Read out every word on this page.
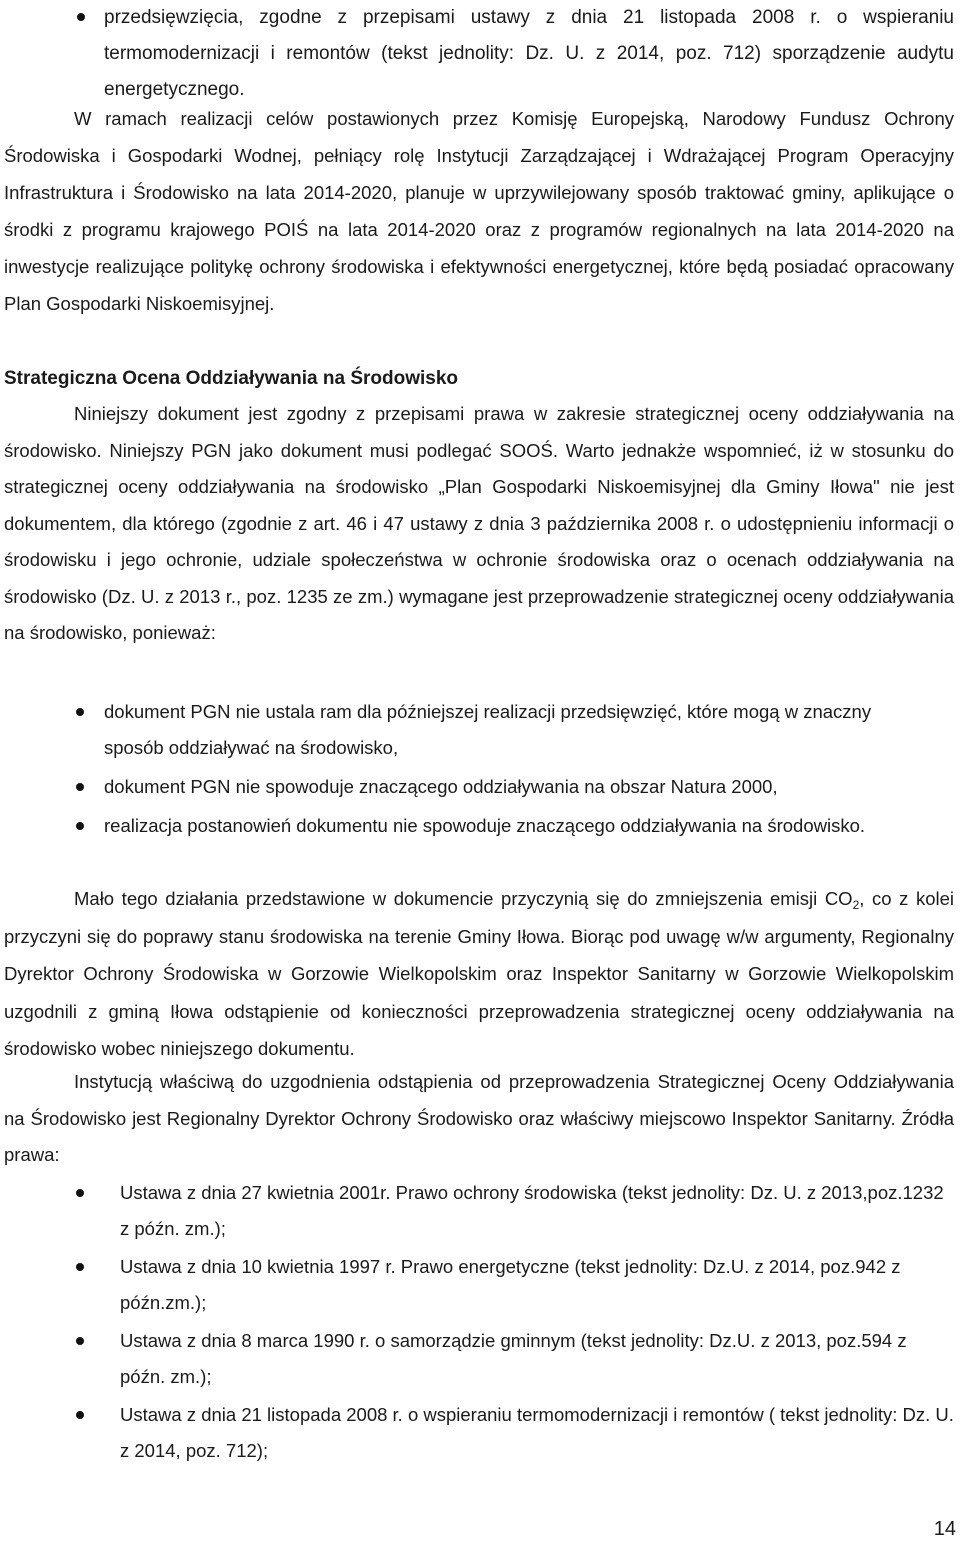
przedsięwzięcia, zgodne z przepisami ustawy z dnia 21 listopada 2008 r. o wspieraniu termomodernizacji i remontów (tekst jednolity: Dz. U. z 2014, poz. 712) sporządzenie audytu energetycznego.
W ramach realizacji celów postawionych przez Komisję Europejską, Narodowy Fundusz Ochrony Środowiska i Gospodarki Wodnej, pełniący rolę Instytucji Zarządzającej i Wdrażającej Program Operacyjny Infrastruktura i Środowisko na lata 2014-2020, planuje w uprzywilejowany sposób traktować gminy, aplikujące o środki z programu krajowego POIŚ na lata 2014-2020 oraz z programów regionalnych na lata 2014-2020 na inwestycje realizujące politykę ochrony środowiska i efektywności energetycznej, które będą posiadać opracowany Plan Gospodarki Niskoemisyjnej.
Strategiczna Ocena Oddziaływania na Środowisko
Niniejszy dokument jest zgodny z przepisami prawa w zakresie strategicznej oceny oddziaływania na środowisko. Niniejszy PGN jako dokument musi podlegać SOOŚ. Warto jednakże wspomnieć, iż w stosunku do strategicznej oceny oddziaływania na środowisko „Plan Gospodarki Niskoemisyjnej dla Gminy Iłowa" nie jest dokumentem, dla którego (zgodnie z art. 46 i 47 ustawy z dnia 3 października 2008 r. o udostępnieniu informacji o środowisku i jego ochronie, udziale społeczeństwa w ochronie środowiska oraz o ocenach oddziaływania na środowisko (Dz. U. z 2013 r., poz. 1235 ze zm.) wymagane jest przeprowadzenie strategicznej oceny oddziaływania na środowisko, ponieważ:
dokument PGN nie ustala ram dla późniejszej realizacji przedsięwzięć, które mogą w znaczny sposób oddziaływać na środowisko,
dokument PGN nie spowoduje znaczącego oddziaływania na obszar Natura 2000,
realizacja postanowień dokumentu nie spowoduje znaczącego oddziaływania na środowisko.
Mało tego działania przedstawione w dokumencie przyczynią się do zmniejszenia emisji $CO_2$, co z kolei przyczyni się do poprawy stanu środowiska na terenie Gminy Iłowa. Biorąc pod uwagę w/w argumenty, Regionalny Dyrektor Ochrony Środowiska w Gorzowie Wielkopolskim oraz Inspektor Sanitarny w Gorzowie Wielkopolskim uzgodnili z gminą Iłowa odstąpienie od konieczności przeprowadzenia strategicznej oceny oddziaływania na środowisko wobec niniejszego dokumentu.
Instytucją właściwą do uzgodnienia odstąpienia od przeprowadzenia Strategicznej Oceny Oddziaływania na Środowisko jest Regionalny Dyrektor Ochrony Środowisko oraz właściwy miejscowo Inspektor Sanitarny. Źródła prawa:
Ustawa z dnia 27 kwietnia 2001r. Prawo ochrony środowiska (tekst jednolity: Dz. U. z 2013,poz.1232 z późn. zm.);
Ustawa z dnia 10 kwietnia 1997 r. Prawo energetyczne (tekst jednolity: Dz.U. z 2014, poz.942 z późn.zm.);
Ustawa z dnia 8 marca 1990 r. o samorządzie gminnym (tekst jednolity: Dz.U. z 2013, poz.594 z późn. zm.);
Ustawa z dnia 21 listopada 2008 r. o wspieraniu termomodernizacji i remontów ( tekst jednolity: Dz. U. z 2014, poz. 712);
14
